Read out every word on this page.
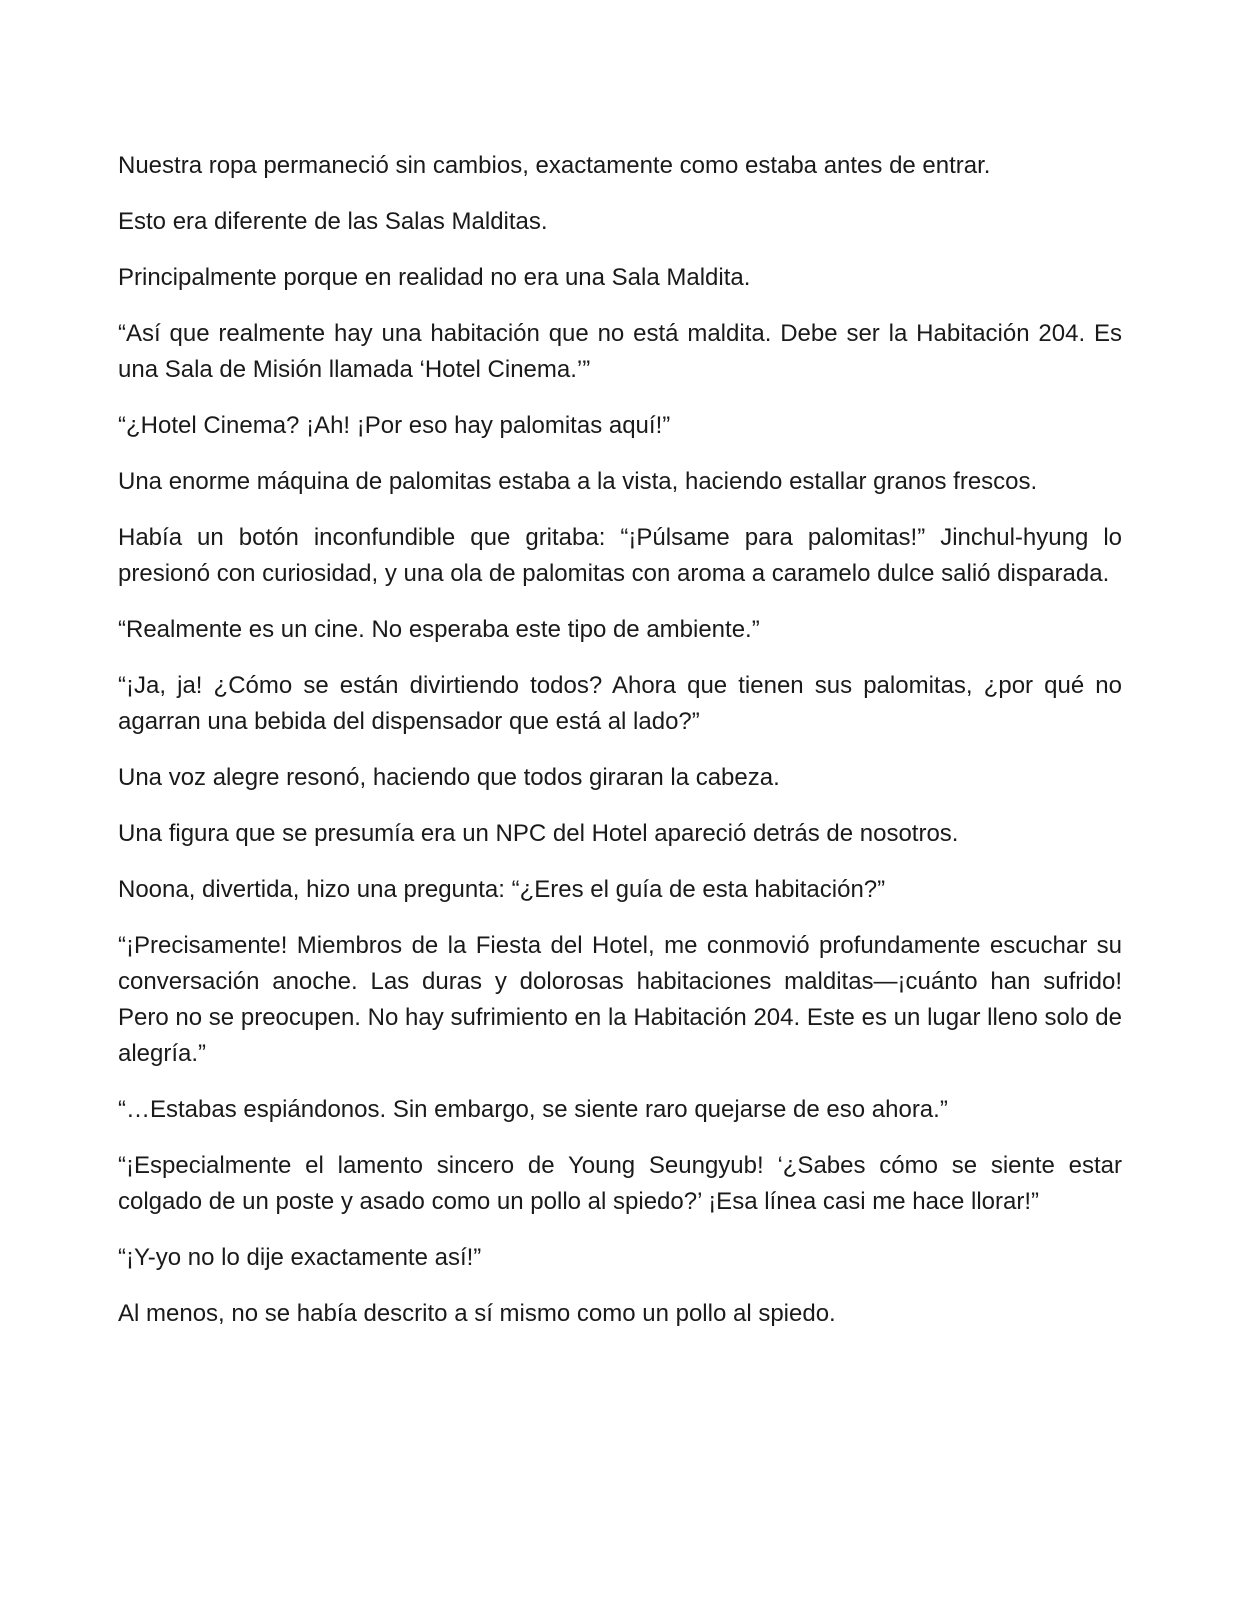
Nuestra ropa permaneció sin cambios, exactamente como estaba antes de entrar.

Esto era diferente de las Salas Malditas.

Principalmente porque en realidad no era una Sala Maldita.

“Así que realmente hay una habitación que no está maldita. Debe ser la Habitación 204. Es una Sala de Misión llamada ‘Hotel Cinema.’”

“¿Hotel Cinema? ¡Ah! ¡Por eso hay palomitas aquí!”

Una enorme máquina de palomitas estaba a la vista, haciendo estallar granos frescos.

Había un botón inconfundible que gritaba: “¡Púlsame para palomitas!” Jinchul-hyung lo presionó con curiosidad, y una ola de palomitas con aroma a caramelo dulce salió disparada.

“Realmente es un cine. No esperaba este tipo de ambiente.”

“¡Ja, ja! ¿Cómo se están divirtiendo todos? Ahora que tienen sus palomitas, ¿por qué no agarran una bebida del dispensador que está al lado?”

Una voz alegre resonó, haciendo que todos giraran la cabeza.

Una figura que se presumía era un NPC del Hotel apareció detrás de nosotros.

Noona, divertida, hizo una pregunta: “¿Eres el guía de esta habitación?”

“¡Precisamente! Miembros de la Fiesta del Hotel, me conmovió profundamente escuchar su conversación anoche. Las duras y dolorosas habitaciones malditas—¡cuánto han sufrido! Pero no se preocupen. No hay sufrimiento en la Habitación 204. Este es un lugar lleno solo de alegría.”

“…Estabas espiándonos. Sin embargo, se siente raro quejarse de eso ahora.”

“¡Especialmente el lamento sincero de Young Seungyub! ‘¿Sabes cómo se siente estar colgado de un poste y asado como un pollo al spiedo?’ ¡Esa línea casi me hace llorar!”

“¡Y-yo no lo dije exactamente así!”

Al menos, no se había descrito a sí mismo como un pollo al spiedo.
